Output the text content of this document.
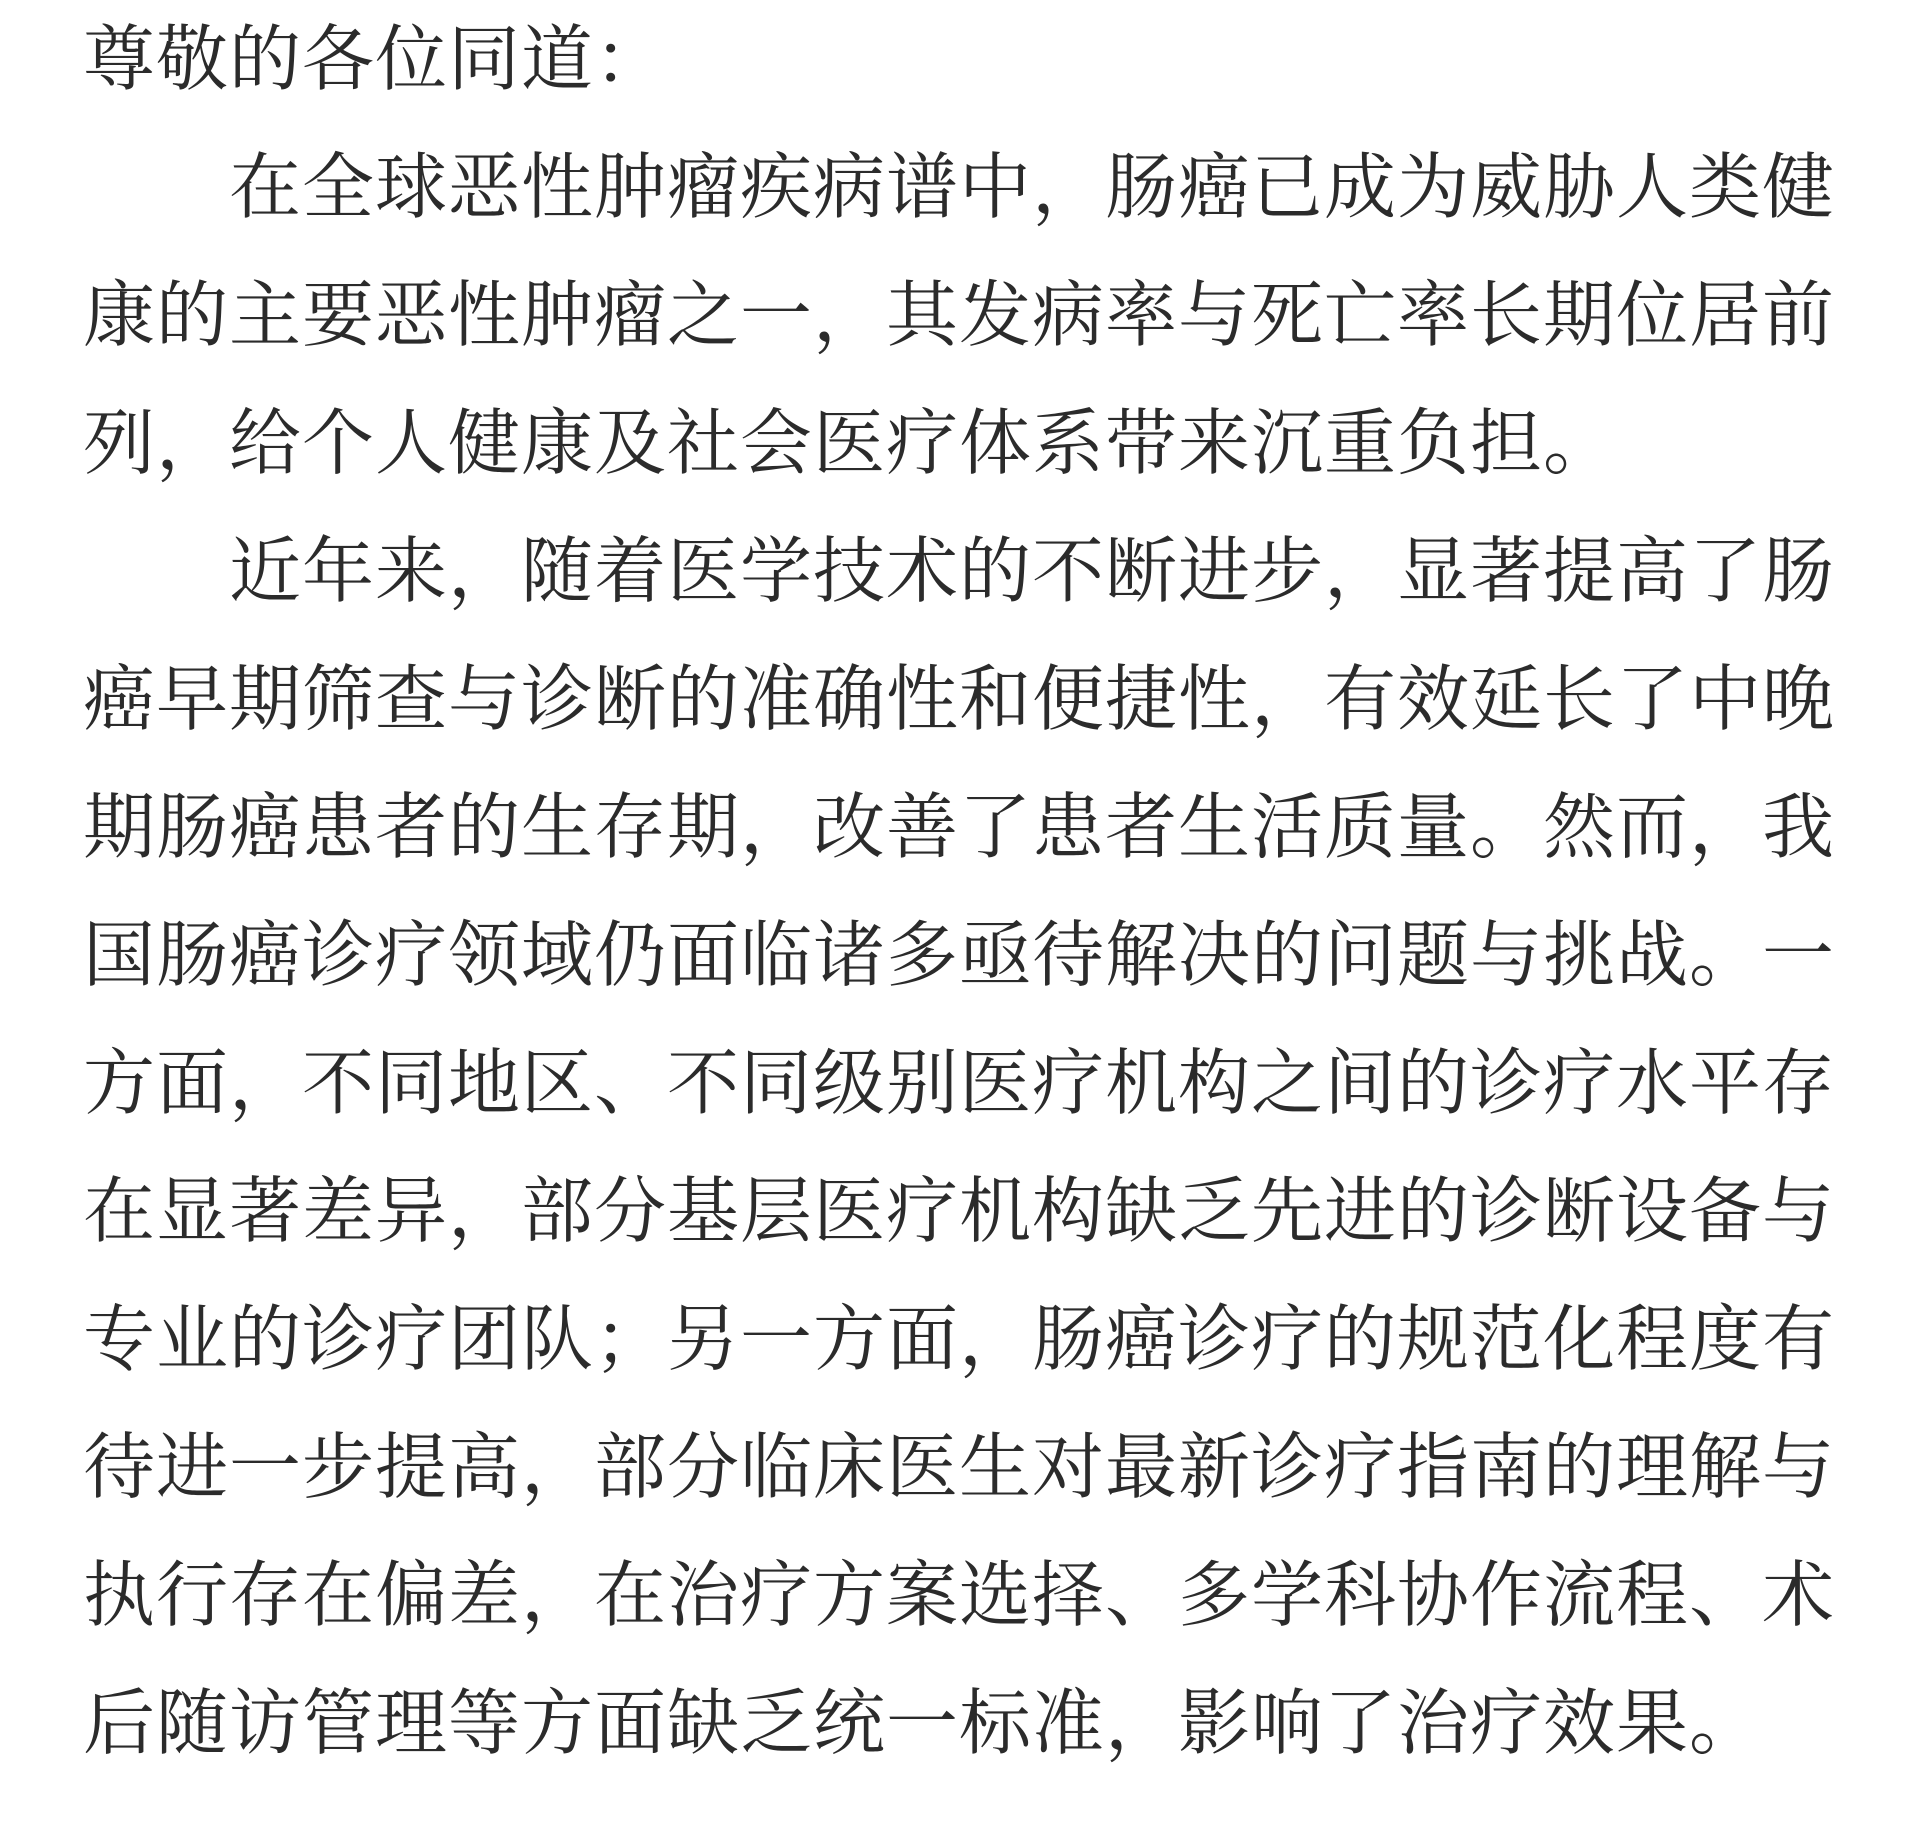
尊敬的各位同道：
在全球恶性肿瘤疾病谱中，肠癌已成为威胁人类健
康的主要恶性肿瘤之一，其发病率与死亡率长期位居前
列，给个人健康及社会医疗体系带来沉重负担。
近年来，随着医学技术的不断进步，显著提高了肠
癌早期筛查与诊断的准确性和便捷性，有效延长了中晚
期肠癌患者的生存期，改善了患者生活质量。然而，我
国肠癌诊疗领域仍面临诸多亟待解决的问题与挑战。一
方面，不同地区、不同级别医疗机构之间的诊疗水平存
在显著差异，部分基层医疗机构缺乏先进的诊断设备与
专业的诊疗团队；另一方面，肠癌诊疗的规范化程度有
待进一步提高，部分临床医生对最新诊疗指南的理解与
执行存在偏差，在治疗方案选择、多学科协作流程、术
后随访管理等方面缺乏统一标准，影响了治疗效果。
